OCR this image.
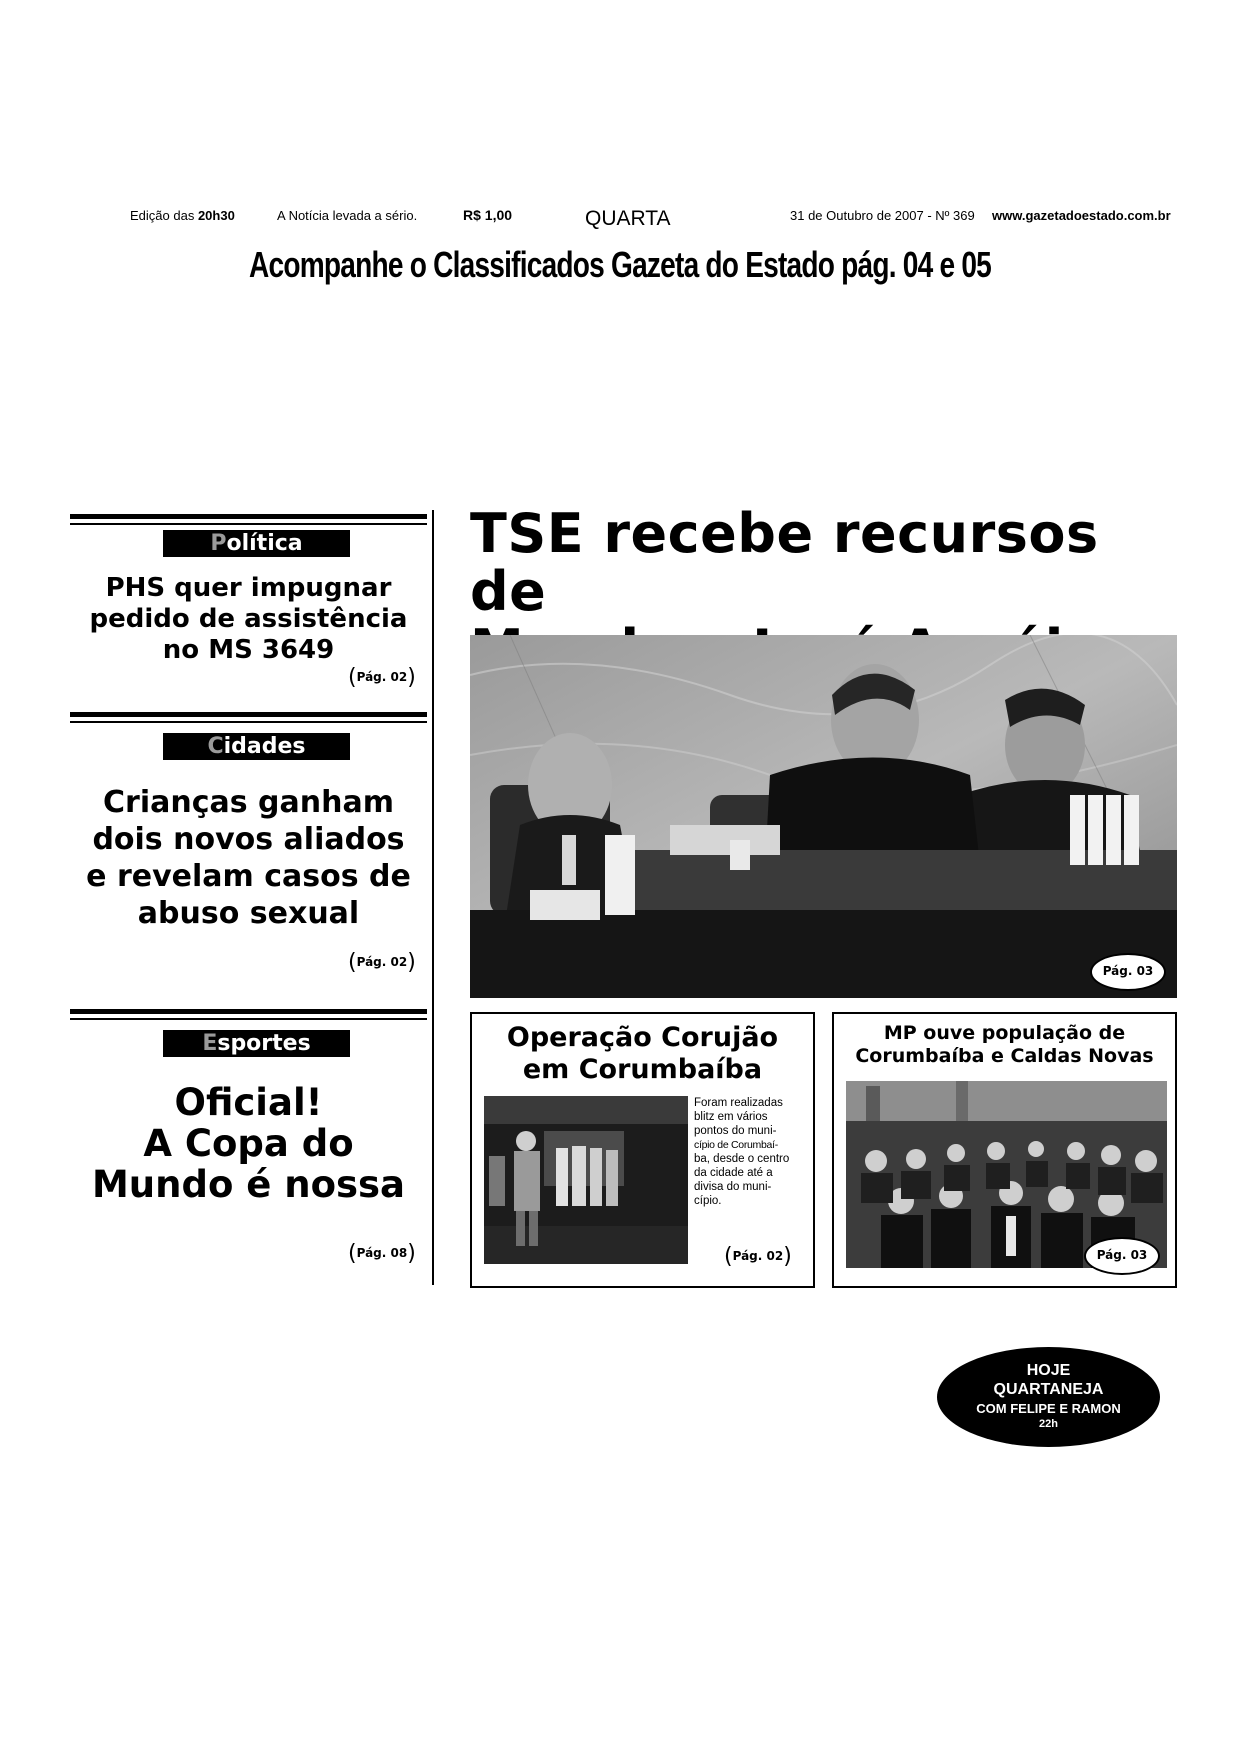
Edição das 20h30	A Notícia levada a sério.	R$ 1,00	QUARTA	31 de Outubro de 2007 - Nº 369 www.gazetadoestado.com.br
Acompanhe o Classificados Gazeta do Estado pág. 04 e 05
Política
PHS quer impugnar
pedido de assistência
no MS 3649
(Pág. 02)
Cidades
Crianças ganham
dois novos aliados
e revelam casos de
abuso sexual
(Pág. 02)
Esportes
Oficial!
A Copa do
Mundo é nossa
(Pág. 08)
TSE recebe recursos de
Pág. 03
Operação Corujão
em Corumbaíba
Foram realizadas
blitz em vários
pontos do muni-
cípio de Corumbaí-
ba, desde o centro
da cidade até a
divisa do muni-
cípio.
(Pág. 02)
MP ouve população de
Corumbaíba e Caldas Novas
Pág. 03
HOJE
QUARTANEJA
COM FELIPE E RAMON
22h
